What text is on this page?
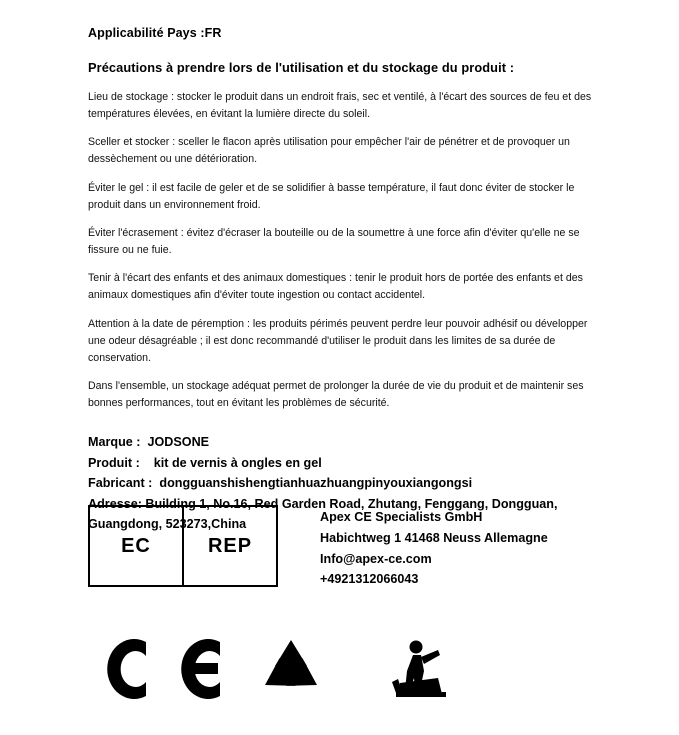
Applicabilité Pays :FR
Précautions à prendre lors de l'utilisation et du stockage du produit :

Lieu de stockage : stocker le produit dans un endroit frais, sec et ventilé, à l'écart des sources de feu et des températures élevées, en évitant la lumière directe du soleil.

Sceller et stocker : sceller le flacon après utilisation pour empêcher l'air de pénétrer et de provoquer un dessèchement ou une détérioration.

Éviter le gel : il est facile de geler et de se solidifier à basse température, il faut donc éviter de stocker le produit dans un environnement froid.

Éviter l'écrasement : évitez d'écraser la bouteille ou de la soumettre à une force afin d'éviter qu'elle ne se fissure ou ne fuie.

Tenir à l'écart des enfants et des animaux domestiques : tenir le produit hors de portée des enfants et des animaux domestiques afin d'éviter toute ingestion ou contact accidentel.

Attention à la date de péremption : les produits périmés peuvent perdre leur pouvoir adhésif ou développer une odeur désagréable ; il est donc recommandé d'utiliser le produit dans les limites de sa durée de conservation.

Dans l'ensemble, un stockage adéquat permet de prolonger la durée de vie du produit et de maintenir ses bonnes performances, tout en évitant les problèmes de sécurité.

Marque :  JODSONE
Produit :    kit de vernis à ongles en gel
Fabricant :  dongguanshishengtianhuazhuangpinyouxiangongsi
Adresse: Building 1, No.16, Red Garden Road, Zhutang, Fenggang, Dongguan,
Guangdong, 523273,China
EC	REP
Apex CE Specialists GmbH
Habichtweg 1 41468 Neuss Allemagne
Info@apex-ce.com
+4921312066043
